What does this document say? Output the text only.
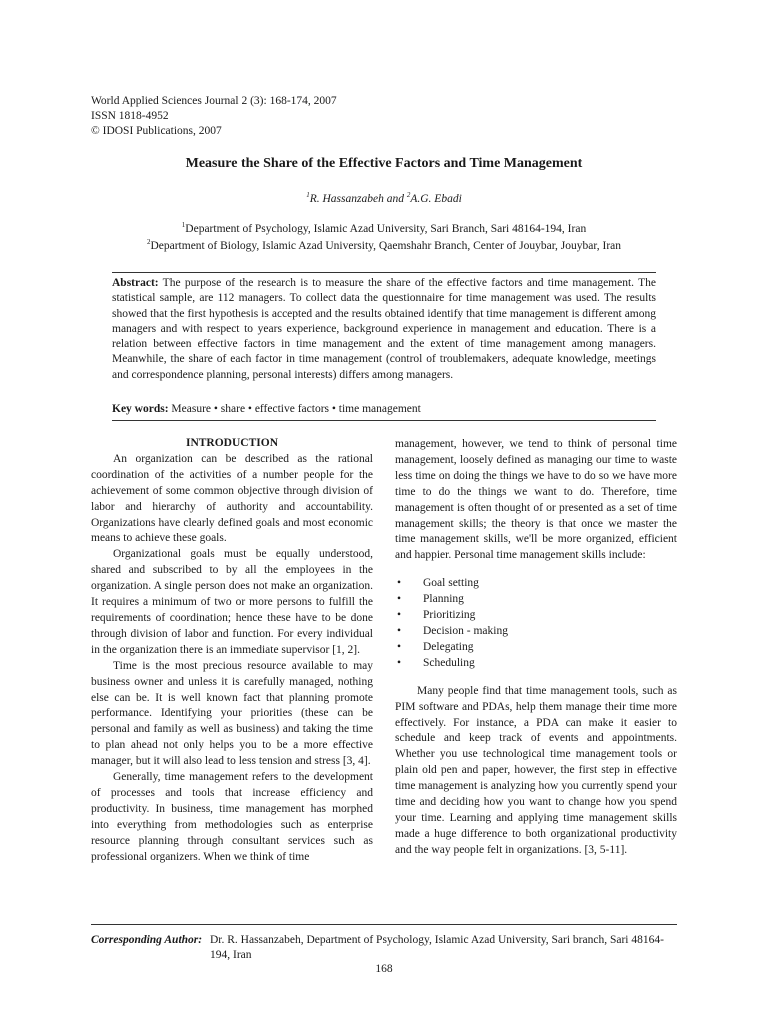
World Applied Sciences Journal 2 (3): 168-174, 2007
ISSN 1818-4952
© IDOSI Publications, 2007
Measure the Share of the Effective Factors and Time Management
$^1$R. Hassanzabeh and $^2$A.G. Ebadi
$^1$Department of Psychology, Islamic Azad University, Sari Branch, Sari 48164-194, Iran
$^2$Department of Biology, Islamic Azad University, Qaemshahr Branch, Center of Jouybar, Jouybar, Iran
Abstract: The purpose of the research is to measure the share of the effective factors and time management. The statistical sample, are 112 managers. To collect data the questionnaire for time management was used. The results showed that the first hypothesis is accepted and the results obtained identify that time management is different among managers and with respect to years experience, background experience in management and education. There is a relation between effective factors in time management and the extent of time management among managers. Meanwhile, the share of each factor in time management (control of troublemakers, adequate knowledge, meetings and correspondence planning, personal interests) differs among managers.
Key words: Measure • share • effective factors • time management

INTRODUCTION

An organization can be described as the rational coordination of the activities of a number people for the achievement of some common objective through division of labor and hierarchy of authority and accountability. Organizations have clearly defined goals and most economic means to achieve these goals.

Organizational goals must be equally understood, shared and subscribed to by all the employees in the organization. A single person does not make an organization. It requires a minimum of two or more persons to fulfill the requirements of coordination; hence these have to be done through division of labor and function. For every individual in the organization there is an immediate supervisor [1, 2].

Time is the most precious resource available to may business owner and unless it is carefully managed, nothing else can be. It is well known fact that planning promote performance. Identifying your priorities (these can be personal and family as well as business) and taking the time to plan ahead not only helps you to be a more effective manager, but it will also lead to less tension and stress [3, 4].

Generally, time management refers to the development of processes and tools that increase efficiency and productivity. In business, time management has morphed into everything from methodologies such as enterprise resource planning through consultant services such as professional organizers. When we think of time

management, however, we tend to think of personal time management, loosely defined as managing our time to waste less time on doing the things we have to do so we have more time to do the things we want to do. Therefore, time management is often thought of or presented as a set of time management skills; the theory is that once we master the time management skills, we'll be more organized, efficient and happier. Personal time management skills include:

• Goal setting
• Planning
• Prioritizing
• Decision - making
• Delegating
• Scheduling

Many people find that time management tools, such as PIM software and PDAs, help them manage their time more effectively. For instance, a PDA can make it easier to schedule and keep track of events and appointments. Whether you use technological time management tools or plain old pen and paper, however, the first step in effective time management is analyzing how you currently spend your time and deciding how you want to change how you spend your time. Learning and applying time management skills made a huge difference to both organizational productivity and the way people felt in organizations. [3, 5-11].

Corresponding Author: Dr. R. Hassanzabeh, Department of Psychology, Islamic Azad University, Sari branch, Sari 48164-194, Iran
168
